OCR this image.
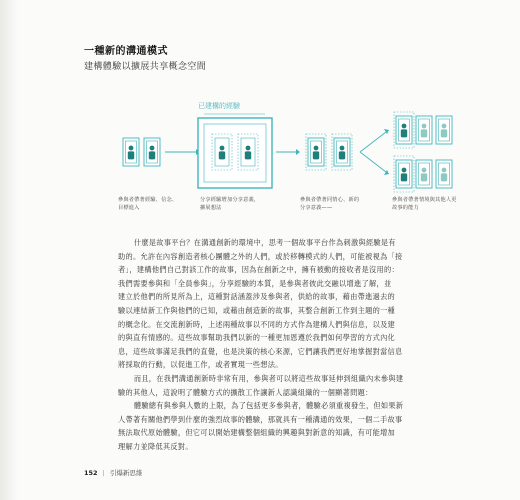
一種新的溝通模式
建構體驗以擴展共享概念空間
已建構的經驗
參與者帶著經驗、信念、
目標進入
分享經驗增加分享意義，
擴展想法
參與者帶著同情心、新的
分享意義——
參與者帶著情境與其他人更
故事的能力

什麼是故事平台？在溝通創新的環境中，思考一個故事平台作為刺激與經驗是有

助的。允許在內容創造者核心團體之外的人們，或於移轉模式的人們，可能被視為「接

者」，建構他們自己對該工作的故事，因為在創新之中，擁有被動的接收者是沒用的：

我們需要參與和「全員參與」，分享經驗的本質，是參與者彼此交融以增進了解，並

建立於他們的所見所為上，這種對話涵蓋涉及參與者，供給的故事，藉由帶進過去的

驗以連結新工作與他們的已知，或藉由創造新的故事，其整合創新工作到主題的一種

的概念化。在交流創新時，上述兩種故事以不同的方式作為建構人們與信息，以及建

的與直有情感的。這些故事幫助我們以新的一種更加恩遵於我們如何學習的方式內化

息，這些故事滿足我們的直覺，也是決策的核心來源，它們讓我們更好地掌握對當信息

將採取的行動，以促進工作，或者實現一些想法。

而且，在我們溝通創新時非常有用，參與者可以將這些故事延伸到組織內未參與建

驗的其他人，這說明了體驗方式的擴散工作讓新人認識組織的一個顯著問題：

體驗總有與參與人數的上限，為了包括更多參與者，體驗必須重複發生，但如果新

人帶著有關他們學到什麼的強烈故事的體驗，那就具有一種溝通的效果，一個二手故事

無法取代原始體驗，但它可以開始建構整個組織的興趣與對新意的知識，有可能增加

理解力並降低其反對。

152 | 引爆新思維
